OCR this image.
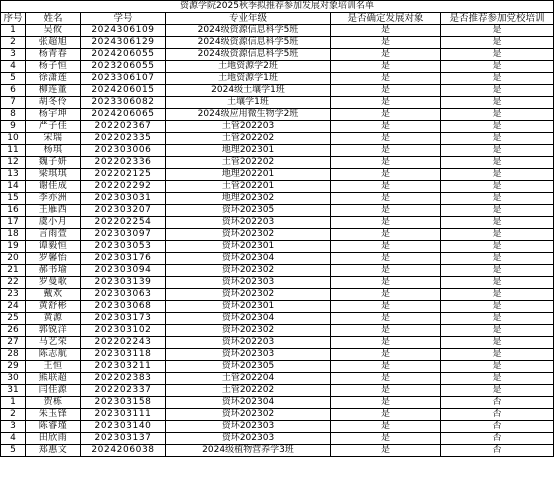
资源学院2025秋季拟推荐参加发展对象培训名单					
序号	姓名	学号	专业年级	是否确定发展对象	是否推荐参加党校培训
1	吴攸	2024306109	2024级资源信息科学5班	是	是
2	张超旭	2024306129	2024级资源信息科学5班	是	是
3	杨青春	2024206055	2024级资源信息科学5班	是	是
4	杨子恒	2023206055	土地资源学2班	是	是
5	徐潇莲	2023306107	土地资源学1班	是	是
6	柳连董	2024206015	2024级土壤学1班	是	是
7	胡冬伶	2023306082	土壤学1班	是	是
8	杨宇坤	2024206065	2024级应用微生物学2班	是	是
9	严子佳	202202367	土管202203	是	是
10	宋瑞	202202335	土管202202	是	是
11	杨琪	202303006	地理202301	是	是
12	魏子妍	202202336	土管202202	是	是
13	梁琪琪	202202125	地理202201	是	是
14	谢佳成	202202292	土管202201	是	是
15	李亦洲	202303031	地理202302	是	是
16	王雁西	202303207	资环202305	是	是
17	虞小月	202202254	资环202203	是	是
18	言雨萱	202303097	资环202302	是	是
19	谭毅恒	202303053	资环202301	是	是
20	罗馨怡	202303176	资环202304	是	是
21	郝书瑜	202303094	资环202302	是	是
22	罗曼歌	202303139	资环202303	是	是
23	戴欢	202303063	资环202302	是	是
24	黄舒彬	202303068	资环202301	是	是
25	黄源	202303173	资环202304	是	是
26	郭锐洋	202303102	资环202302	是	是
27	马艺荣	202202243	资环202203	是	是
28	陈志航	202303118	资环202303	是	是
29	王恒	202303211	资环202305	是	是
30	熊联超	202202383	土管202204	是	是
31	闫佳源	202202337	土管202202	是	是
1	贺栋	202303158	资环202304	是	否
2	朱玉锋	202303111	资环202302	是	否
3	陈睿瑾	202303140	资环202303	是	否
4	田欣雨	202303137	资环202303	是	否
5	郑惠文	2024206038	2024级植物营养学3班	是	否
